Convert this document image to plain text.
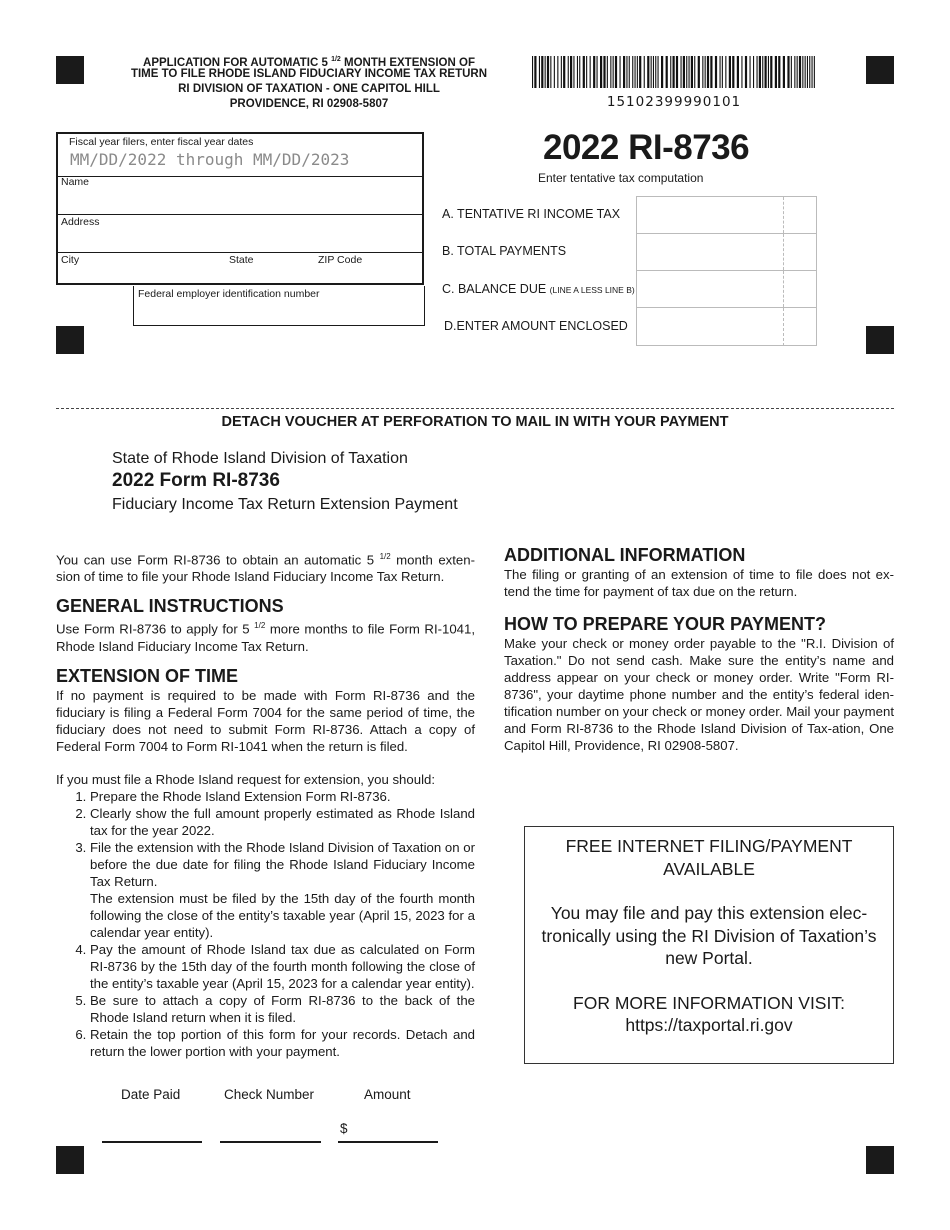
APPLICATION FOR AUTOMATIC 5 $^{1/2}$ MONTH EXTENSION OF
TIME TO FILE RHODE ISLAND FIDUCIARY INCOME TAX RETURN
RI DIVISION OF TAXATION - ONE CAPITOL HILL
PROVIDENCE, RI 02908-5807	15102399990101
2022 RI-8736
Enter tentative tax computation
Fiscal year filers, enter fiscal year dates
MM/DD/2022 through MM/DD/2023
Name
Address
City	State	ZIP Code
Federal employer identification number
A. TENTATIVE RI INCOME TAX
B. TOTAL PAYMENTS
C. BALANCE DUE (LINE A LESS LINE B)
D.ENTER AMOUNT ENCLOSED
DETACH VOUCHER AT PERFORATION TO MAIL IN WITH YOUR PAYMENT
State of Rhode Island Division of Taxation
2022 Form RI-8736
Fiduciary Income Tax Return Extension Payment

You can use Form RI-8736 to obtain an automatic 5 $^{1/2}$ month exten-sion of time to file your Rhode Island Fiduciary Income Tax Return.

GENERAL INSTRUCTIONS

Use Form RI-8736 to apply for 5 $^{1/2}$ more months to file Form RI-1041, Rhode Island Fiduciary Income Tax Return.

EXTENSION OF TIME

If no payment is required to be made with Form RI-8736 and the fiduciary is filing a Federal Form 7004 for the same period of time, the fiduciary does not need to submit Form RI-8736. Attach a copy of Federal Form 7004 to Form RI-1041 when the return is filed.

If you must file a Rhode Island request for extension, you should:

1. Prepare the Rhode Island Extension Form RI-8736.
2. Clearly show the full amount properly estimated as Rhode Island tax for the year 2022.
3. File the extension with the Rhode Island Division of Taxation on or before the due date for filing the Rhode Island Fiduciary Income Tax Return.
The extension must be filed by the 15th day of the fourth month following the close of the entity’s taxable year (April 15, 2023 for a calendar year entity).
4. Pay the amount of Rhode Island tax due as calculated on Form RI-8736 by the 15th day of the fourth month following the close of the entity’s taxable year (April 15, 2023 for a calendar year entity).
5. Be sure to attach a copy of Form RI-8736 to the back of the Rhode Island return when it is filed.
6. Retain the top portion of this form for your records. Detach and return the lower portion with your payment.
ADDITIONAL INFORMATION

The filing or granting of an extension of time to file does not ex-tend the time for payment of tax due on the return.

HOW TO PREPARE YOUR PAYMENT?

Make your check or money order payable to the "R.I. Division of Taxation." Do not send cash. Make sure the entity’s name and address appear on your check or money order. Write "Form RI-8736", your daytime phone number and the entity’s federal iden-tification number on your check or money order. Mail your payment and Form RI-8736 to the Rhode Island Division of Tax-ation, One Capitol Hill, Providence, RI 02908-5807.

FREE INTERNET FILING/PAYMENT AVAILABLE

You may file and pay this extension elec-tronically using the RI Division of Taxation’s new Portal.

FOR MORE INFORMATION VISIT:

https://taxportal.ri.gov

Date Paid	Check Number	Amount
$
